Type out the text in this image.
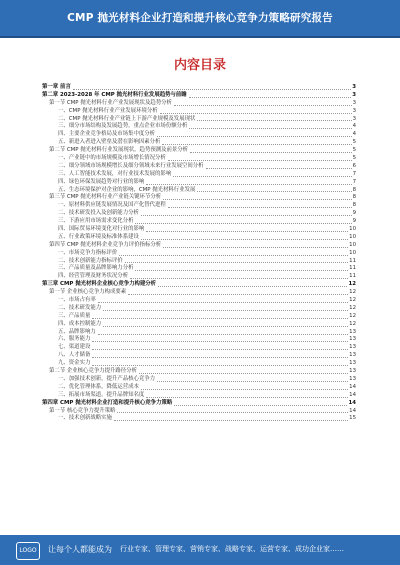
CMP 抛光材料企业打造和提升核心竞争力策略研究报告
内容目录
第一章 前言	3
第二章 2023-2028 年 CMP 抛光材料行业发展趋势与前瞻	3
第一节 CMP 抛光材料行业产业发展现状及趋势分析	3
一、CMP 抛光材料行业产业发展环境分析	3
二、CMP 抛光材料行业产业链上下游产业规模及发展现状	3
三、细分市场结构及发展趋势，重点企业市场份额分析	4
四、主要企业竞争格局及市场集中度分析	4
五、新进入者进入壁垒及潜在影响因素分析	5
第二节 CMP 抛光材料行业发展现状，趋势预测及前景分析	5
一、产业链中的市场规模及市场增长情况分析	5
二、细分领域市场规模增长及细分领域未来行业发展空间分析	6
三、人工智能技术发展，对行业技术发展的影响	7
四、绿色环保发展趋势对行业的影响	7
五、生态环境保护对企业的影响，CMP 抛光材料行业发展	8
第三节 CMP 抛光材料行业产业链关键环节分析	8
一、原材料供应链发展情况及国产化替代进程	8
二、技术研发投入及创新能力分析	9
三、下游应用市场需求变化分析	9
四、国际贸易环境变化对行业的影响	10
五、行业政策环境及标准体系建设	10
第四节 CMP 抛光材料企业竞争力评价指标分析	10
一、市场竞争力指标评价	10
二、技术创新能力指标评价	11
三、产品质量及品牌影响力分析	11
四、经营管理及财务状况分析	11
第三章 CMP 抛光材料企业核心竞争力构建分析	12
第一节 企业核心竞争力构成要素	12
一、市场占有率	12
二、技术研发能力	12
三、产品质量	12
四、成本控制能力	12
五、品牌影响力	13
六、服务能力	13
七、渠道建设	13
八、人才储备	13
九、资金实力	13
第二节 企业核心竞争力提升路径分析	13
一、加强技术创新，提升产品核心竞争力	13
二、优化管理体系，降低运营成本	14
三、拓展市场渠道，提升品牌知名度	14
第四章 CMP 抛光材料企业打造和提升核心竞争力策略	14
第一节 核心竞争力提升策略	14
一、技术创新战略实施	15
LOGO	让每个人都能成为 行业专家、管理专家、营销专家、战略专家、运营专家、成功企业家……
